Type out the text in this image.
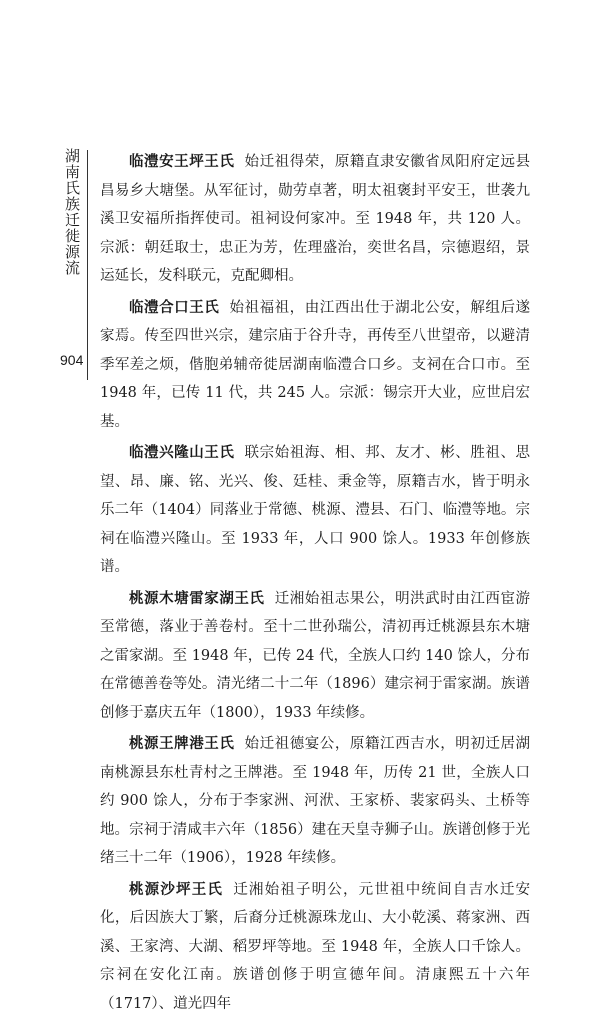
湖南氏族迁徙源流
904

临澧安王坪王氏 始迁祖得荣，原籍直隶安徽省凤阳府定远县昌易乡大塘堡。从军征讨，勋劳卓著，明太祖褒封平安王，世袭九溪卫安福所指挥使司。祖祠设何家冲。至 1948 年，共 120 人。宗派：朝廷取士，忠正为芳，佐理盛治，奕世名昌，宗德遐绍，景运延长，发科联元，克配卿相。

临澧合口王氏 始祖福祖，由江西出仕于湖北公安，解组后遂家焉。传至四世兴宗，建宗庙于谷升寺，再传至八世望帝，以避清季军差之烦，偕胞弟辅帝徙居湖南临澧合口乡。支祠在合口市。至 1948 年，已传 11 代，共 245 人。宗派：锡宗开大业，应世启宏基。

临澧兴隆山王氏 联宗始祖海、相、邦、友才、彬、胜祖、思望、昂、廉、铭、光兴、俊、廷桂、秉金等，原籍吉水，皆于明永乐二年（1404）同落业于常德、桃源、澧县、石门、临澧等地。宗祠在临澧兴隆山。至 1933 年，人口 900 馀人。1933 年创修族谱。

桃源木塘雷家湖王氏 迁湘始祖志果公，明洪武时由江西宦游至常德，落业于善卷村。至十二世孙瑞公，清初再迁桃源县东木塘之雷家湖。至 1948 年，已传 24 代，全族人口约 140 馀人，分布在常德善卷等处。清光绪二十二年（1896）建宗祠于雷家湖。族谱创修于嘉庆五年（1800），1933 年续修。

桃源王牌港王氏 始迁祖德宴公，原籍江西吉水，明初迁居湖南桃源县东杜青村之王牌港。至 1948 年，历传 21 世，全族人口约 900 馀人，分布于李家洲、河洑、王家桥、裴家码头、土桥等地。宗祠于清咸丰六年（1856）建在天皇寺狮子山。族谱创修于光绪三十二年（1906），1928 年续修。

桃源沙坪王氏 迁湘始祖子明公，元世祖中统间自吉水迁安化，后因族大丁繁，后裔分迁桃源珠龙山、大小乾溪、蒋家洲、西溪、王家湾、大湖、稻罗坪等地。至 1948 年，全族人口千馀人。宗祠在安化江南。族谱创修于明宣德年间。清康熙五十六年（1717）、道光四年
